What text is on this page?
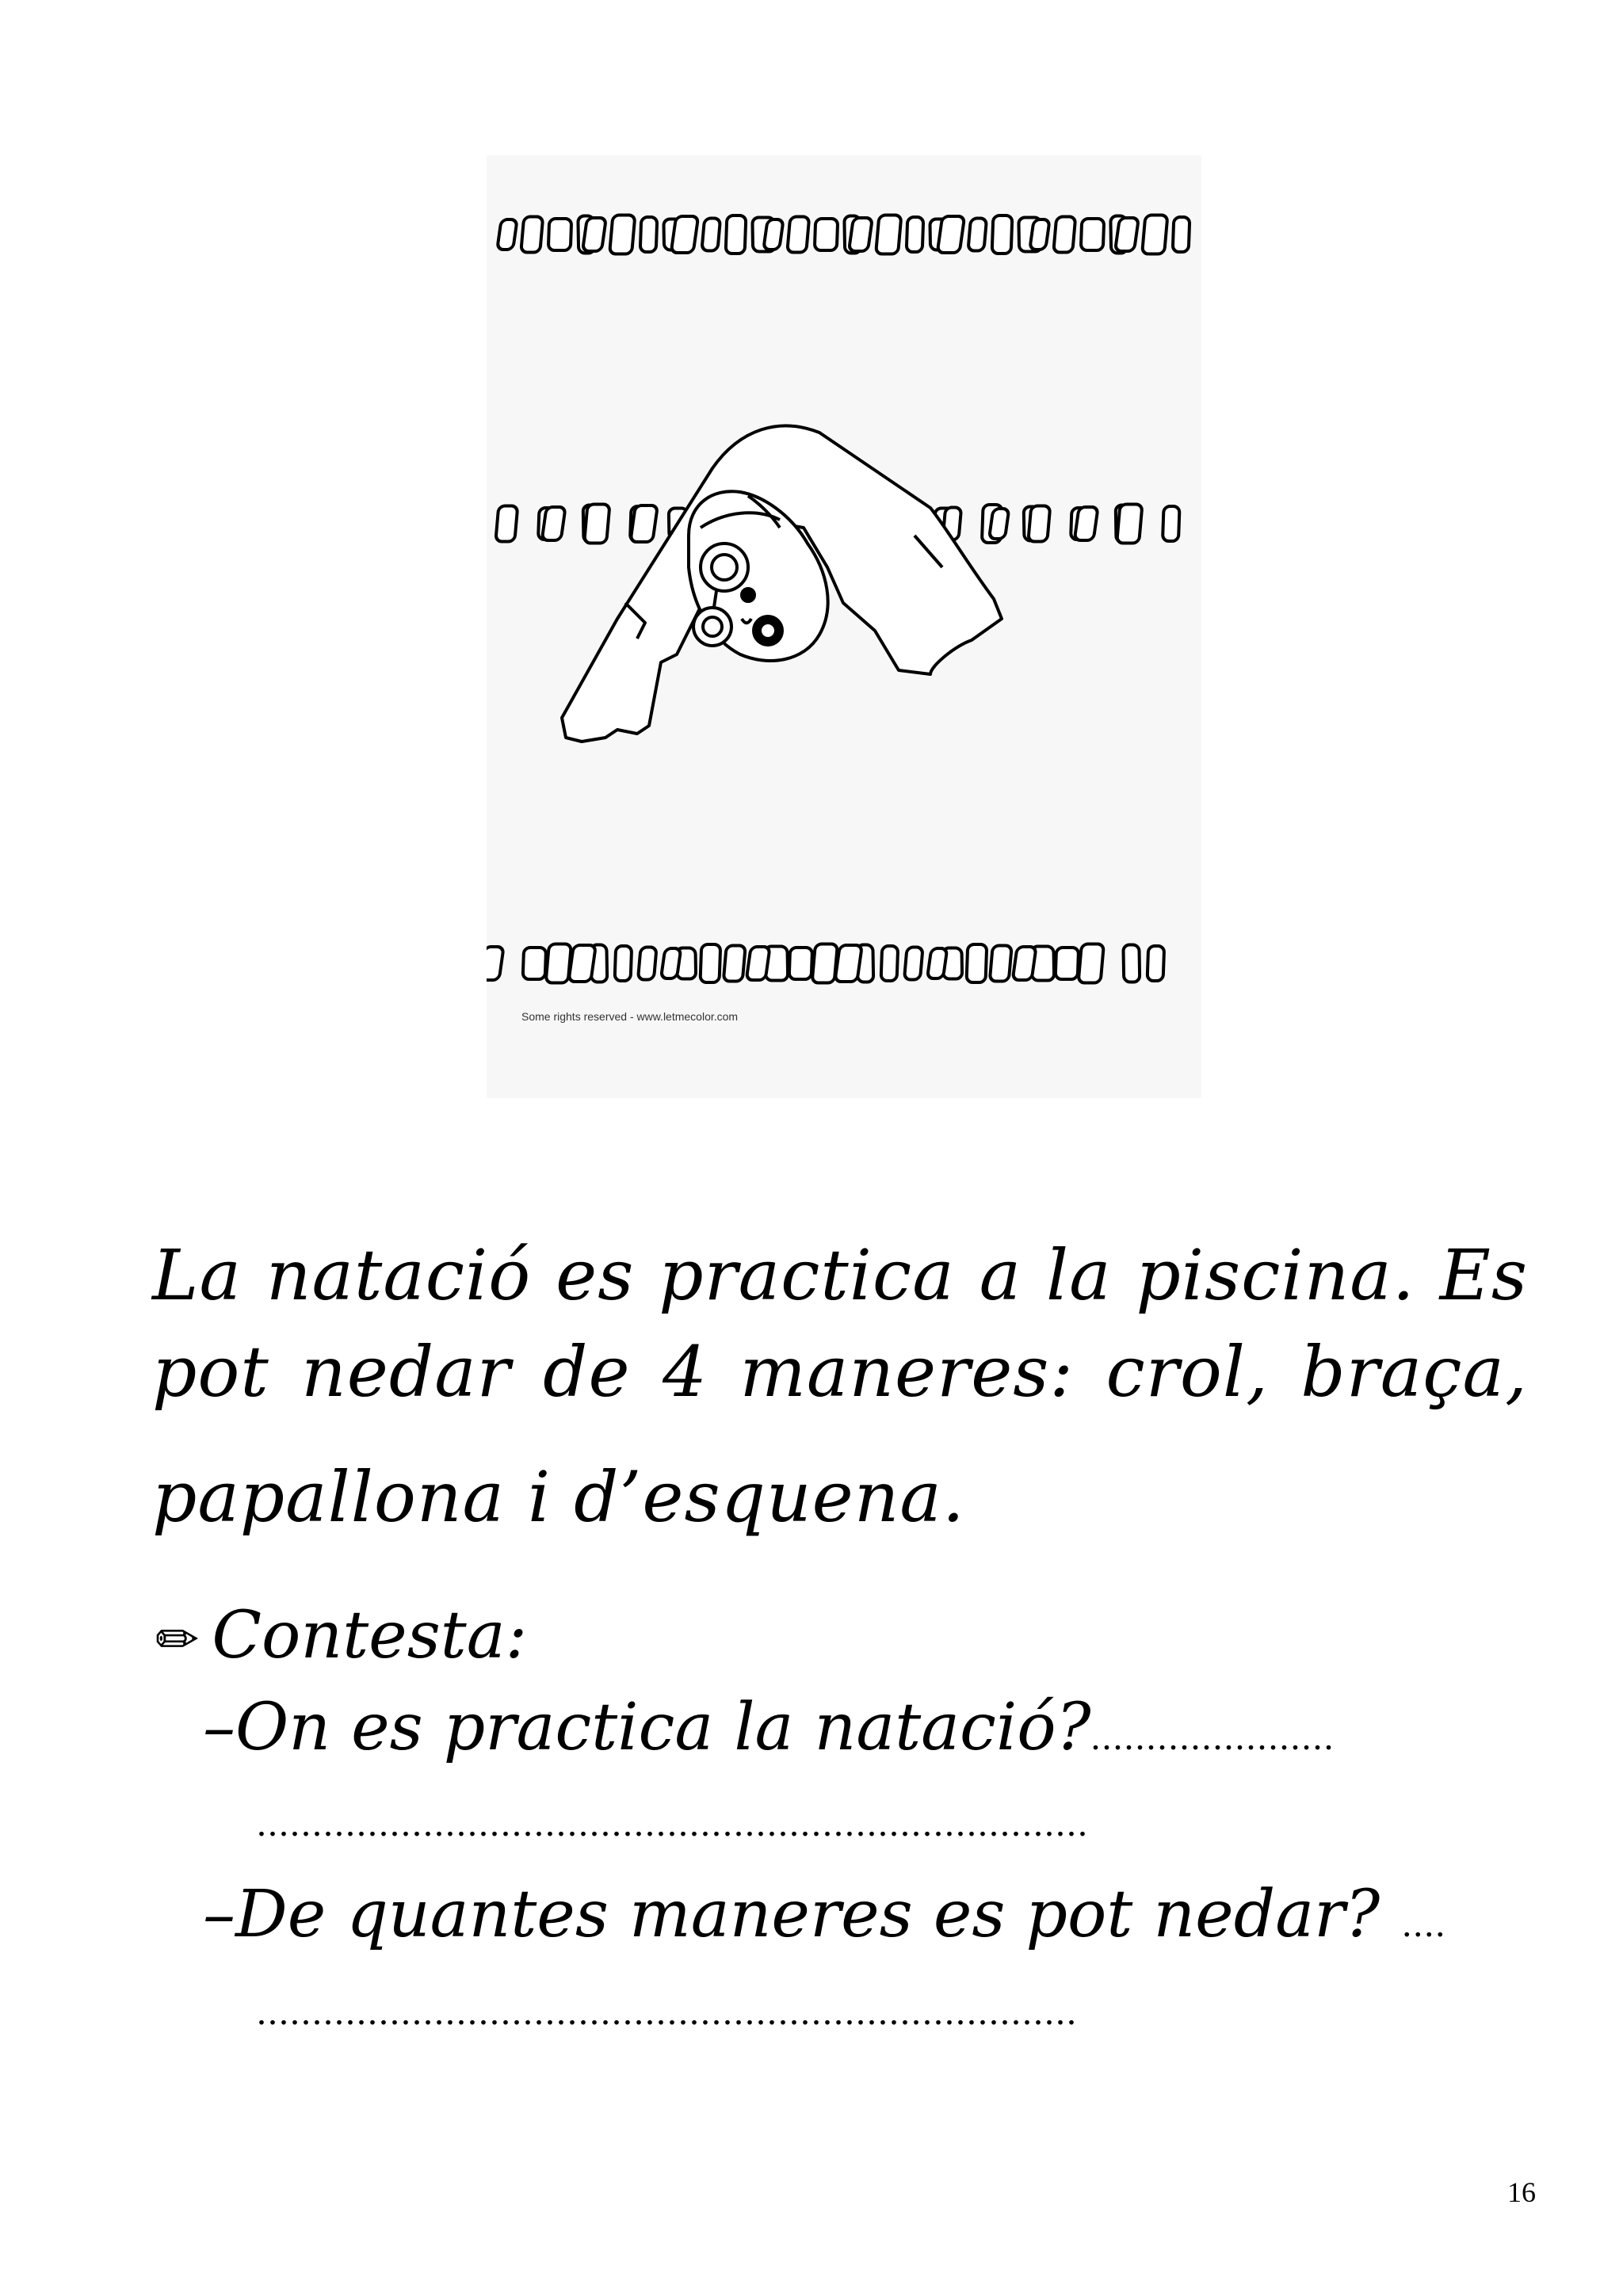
Some rights reserved - www.letmecolor.com
La natació es practica a la piscina. Es
pot nedar de 4 maneres: crol, braça,
papallona i d’esquena.
✏ Contesta:
–On es practica la natació?......................
...........................................................................
–De quantes maneres es pot nedar? ....
..........................................................................
16
